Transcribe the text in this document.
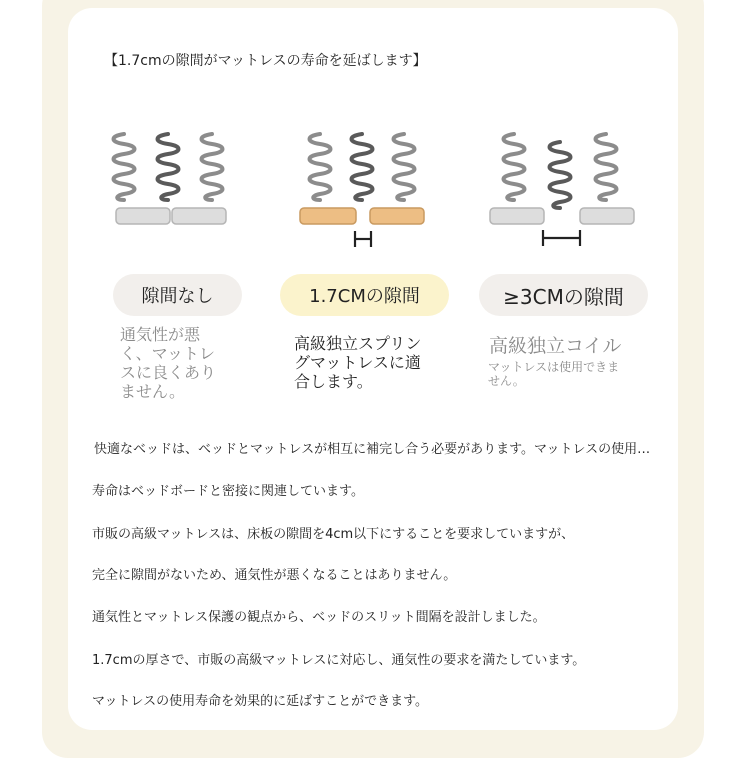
【1.7cmの隙間がマットレスの寿命を延ばします】
隙間なし	1.7CMの隙間	≥3CMの隙間
通気性が悪く、マットレスに良くありません。
高級独立スプリングマットレスに適合します。
高級独立コイル
マットレスは使用できません。
快適なベッドは、ベッドとマットレスが相互に補完し合う必要があります。マットレスの使用…
寿命はベッドボードと密接に関連しています。
市販の高級マットレスは、床板の隙間を4cm以下にすることを要求していますが、
完全に隙間がないため、通気性が悪くなることはありません。
通気性とマットレス保護の観点から、ベッドのスリット間隔を設計しました。
1.7cmの厚さで、市販の高級マットレスに対応し、通気性の要求を満たしています。
マットレスの使用寿命を効果的に延ばすことができます。
